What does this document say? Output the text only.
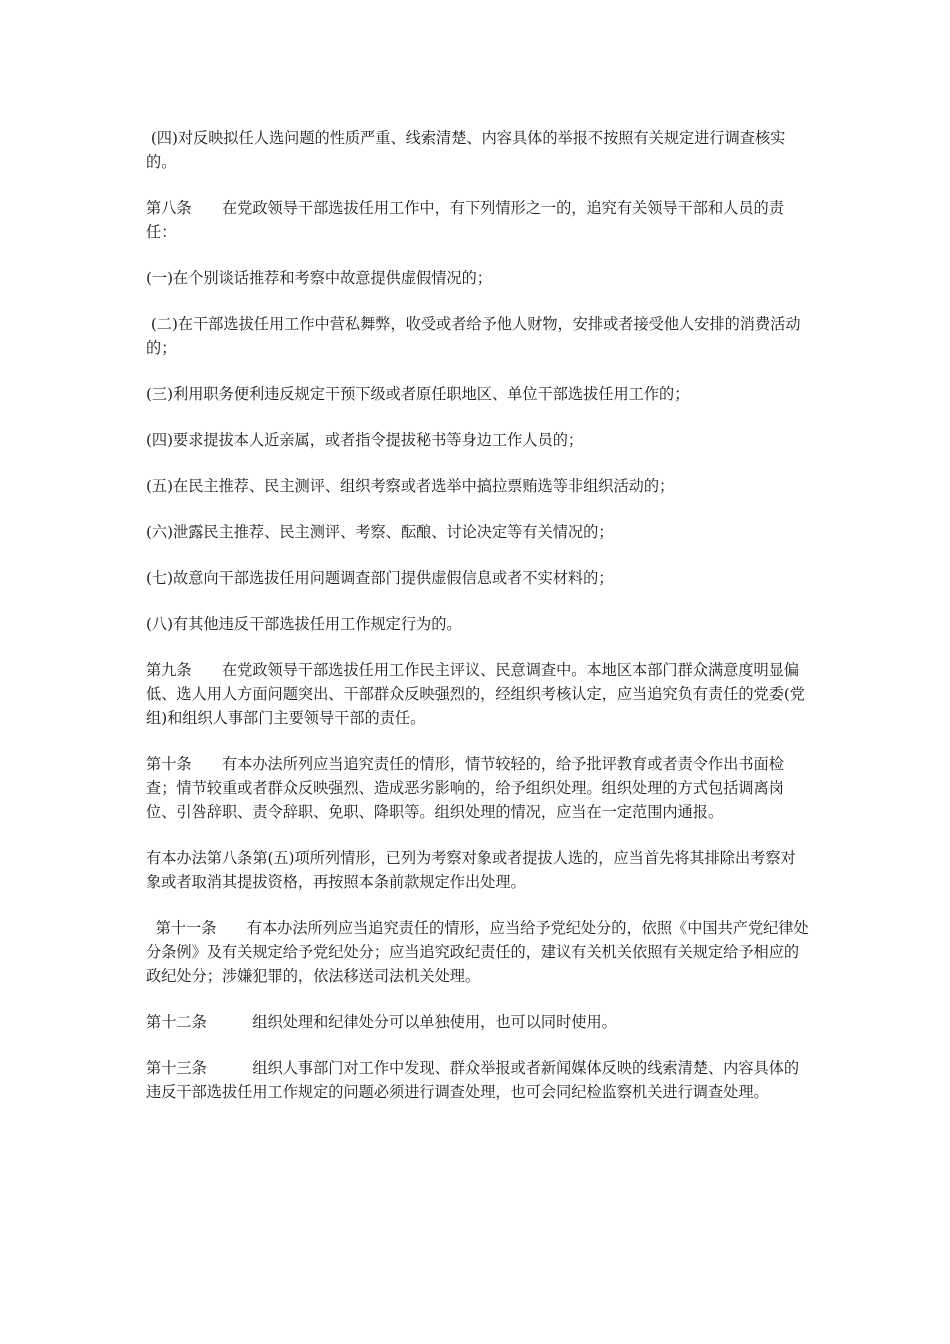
(四)对反映拟任人选问题的性质严重、线索清楚、内容具体的举报不按照有关规定进行调查核实的。

第八条　　在党政领导干部选拔任用工作中，有下列情形之一的，追究有关领导干部和人员的责任：

(一)在个别谈话推荐和考察中故意提供虚假情况的；

(二)在干部选拔任用工作中营私舞弊，收受或者给予他人财物，安排或者接受他人安排的消费活动的；

(三)利用职务便利违反规定干预下级或者原任职地区、单位干部选拔任用工作的；

(四)要求提拔本人近亲属，或者指令提拔秘书等身边工作人员的；

(五)在民主推荐、民主测评、组织考察或者选举中搞拉票贿选等非组织活动的；

(六)泄露民主推荐、民主测评、考察、酝酿、讨论决定等有关情况的；

(七)故意向干部选拔任用问题调查部门提供虚假信息或者不实材料的；

(八)有其他违反干部选拔任用工作规定行为的。

第九条　　在党政领导干部选拔任用工作民主评议、民意调查中。本地区本部门群众满意度明显偏低、选人用人方面问题突出、干部群众反映强烈的，经组织考核认定，应当追究负有责任的党委(党组)和组织人事部门主要领导干部的责任。

第十条　　有本办法所列应当追究责任的情形，情节较轻的，给予批评教育或者责令作出书面检查；情节较重或者群众反映强烈、造成恶劣影响的，给予组织处理。组织处理的方式包括调离岗位、引咎辞职、责令辞职、免职、降职等。组织处理的情况，应当在一定范围内通报。

有本办法第八条第(五)项所列情形，已列为考察对象或者提拔人选的，应当首先将其排除出考察对象或者取消其提拔资格，再按照本条前款规定作出处理。

第十一条　　有本办法所列应当追究责任的情形，应当给予党纪处分的，依照《中国共产党纪律处分条例》及有关规定给予党纪处分；应当追究政纪责任的，建议有关机关依照有关规定给予相应的政纪处分；涉嫌犯罪的，依法移送司法机关处理。

第十二条　　　组织处理和纪律处分可以单独使用，也可以同时使用。

第十三条　　　组织人事部门对工作中发现、群众举报或者新闻媒体反映的线索清楚、内容具体的违反干部选拔任用工作规定的问题必须进行调查处理，也可会同纪检监察机关进行调查处理。
